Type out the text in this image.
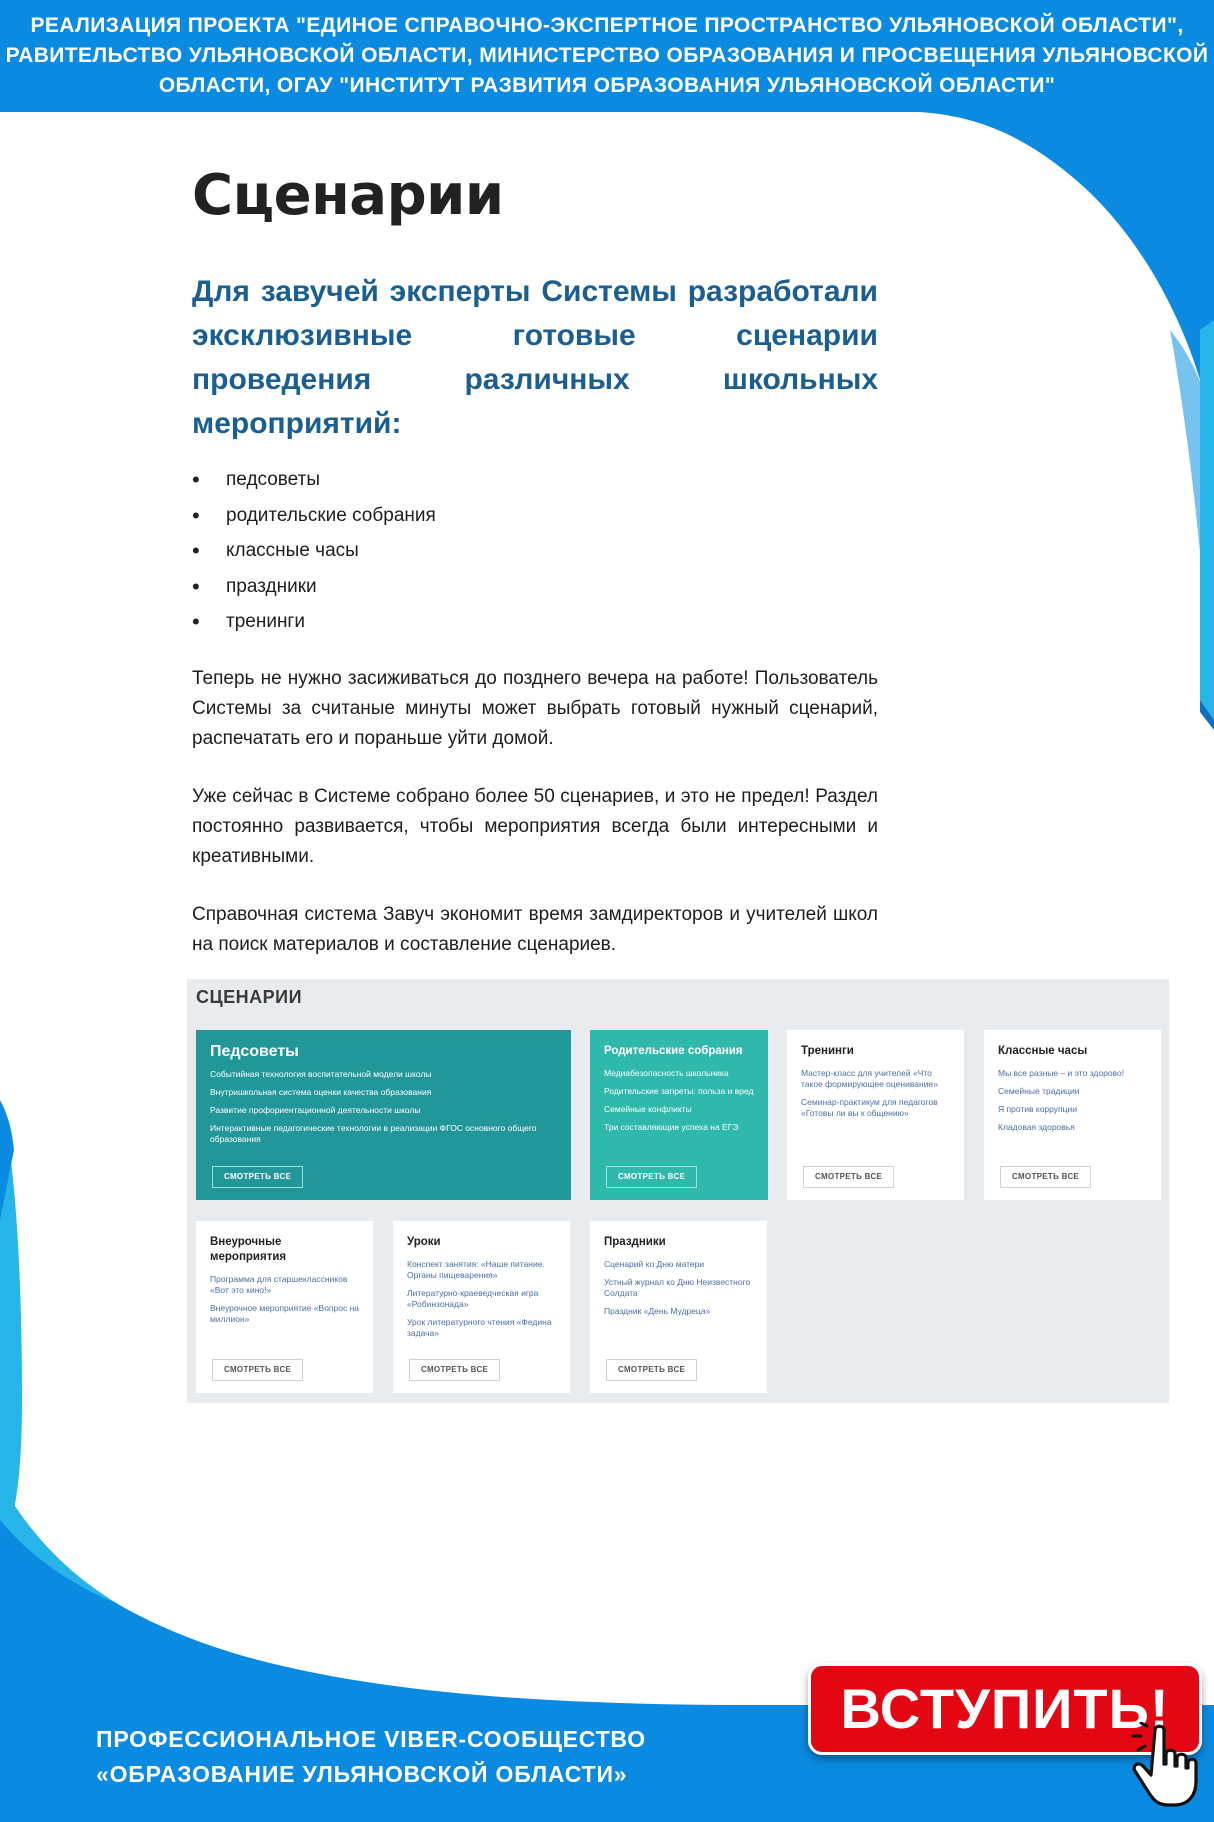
РЕАЛИЗАЦИЯ ПРОЕКТА "ЕДИНОЕ СПРАВОЧНО-ЭКСПЕРТНОЕ ПРОСТРАНСТВО УЛЬЯНОВСКОЙ ОБЛАСТИ",
РАВИТЕЛЬСТВО УЛЬЯНОВСКОЙ ОБЛАСТИ, МИНИСТЕРСТВО ОБРАЗОВАНИЯ И ПРОСВЕЩЕНИЯ УЛЬЯНОВСКОЙ
ОБЛАСТИ, ОГАУ "ИНСТИТУТ РАЗВИТИЯ ОБРАЗОВАНИЯ УЛЬЯНОВСКОЙ ОБЛАСТИ"
Сценарии
Для завучей эксперты Системы разработали эксклюзивные готовые сценарии проведения различных школьных мероприятий:
•	педсоветы
•	родительские собрания
•	классные часы
•	праздники
•	тренинги

Теперь не нужно засиживаться до позднего вечера на работе! Пользователь Системы за считаные минуты может выбрать готовый нужный сценарий, распечатать его и пораньше уйти домой.

Уже сейчас в Системе собрано более 50 сценариев, и это не предел! Раздел постоянно развивается, чтобы мероприятия всегда были интересными и креативными.

Справочная система Завуч экономит время замдиректоров и учителей школ на поиск материалов и составление сценариев.

СЦЕНАРИИ
Педсоветы
Событийная технология воспитательной модели школы
Внутришкольная система оценки качества образования
Развитие профориентационной деятельности школы
Интерактивные педагогические технологии в реализации ФГОС основного общего образования
СМОТРЕТЬ ВСЕ
Родительские собрания
Медиабезопасность школьника
Родительские запреты: польза и вред
Семейные конфликты
Три составляющие успеха на ЕГЭ
СМОТРЕТЬ ВСЕ
Тренинги
Мастер-класс для учителей «Что такое формирующее оценивание»
Семинар-практикум для педагогов «Готовы ли вы к общению»
СМОТРЕТЬ ВСЕ
Классные часы
Мы все разные – и это здорово!
Семейные традиции
Я против коррупции
Кладовая здоровья
СМОТРЕТЬ ВСЕ
Внеурочные мероприятия
Программа для старшеклассников «Вот это кино!»
Внеурочное мероприятие «Вопрос на миллион»
СМОТРЕТЬ ВСЕ
Уроки
Конспект занятия: «Наше питание. Органы пищеварения»
Литературно-краеведческая игра «Робинзонада»
Урок литературного чтения «Федина задача»
СМОТРЕТЬ ВСЕ
Праздники
Сценарий ко Дню матери
Устный журнал ко Дню Неизвестного Солдата
Праздник «День Мудреца»
СМОТРЕТЬ ВСЕ
ПРОФЕССИОНАЛЬНОЕ VIBER-СООБЩЕСТВО
«ОБРАЗОВАНИЕ УЛЬЯНОВСКОЙ ОБЛАСТИ»
ВСТУПИТЬ!
